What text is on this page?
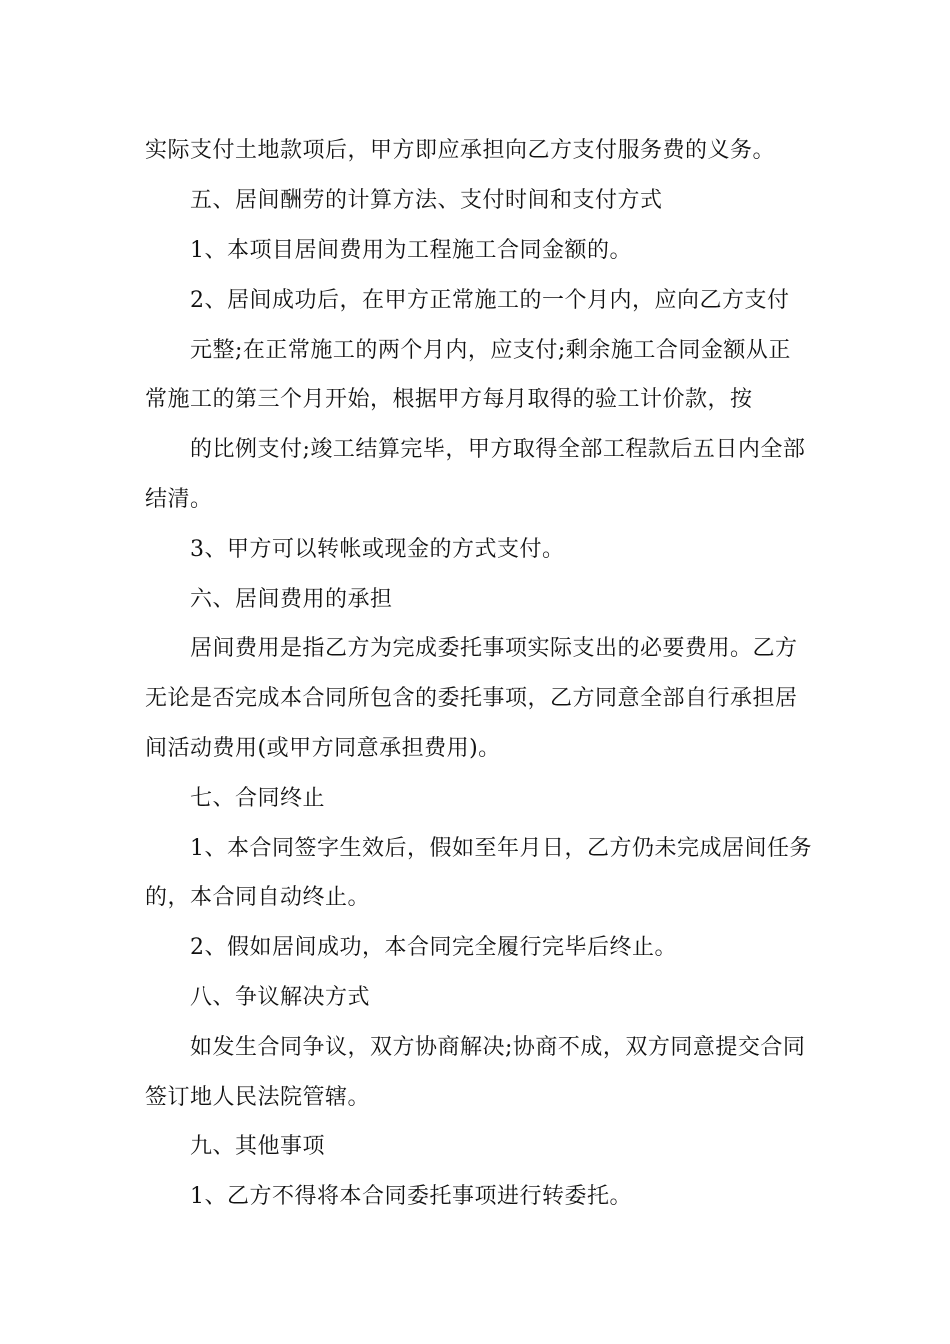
实际支付土地款项后，甲方即应承担向乙方支付服务费的义务。
五、居间酬劳的计算方法、支付时间和支付方式
1、本项目居间费用为工程施工合同金额的。
2、居间成功后，在甲方正常施工的一个月内，应向乙方支付
元整;在正常施工的两个月内，应支付;剩余施工合同金额从正
常施工的第三个月开始，根据甲方每月取得的验工计价款，按
的比例支付;竣工结算完毕，甲方取得全部工程款后五日内全部
结清。
3、甲方可以转帐或现金的方式支付。
六、居间费用的承担
居间费用是指乙方为完成委托事项实际支出的必要费用。乙方
无论是否完成本合同所包含的委托事项，乙方同意全部自行承担居
间活动费用(或甲方同意承担费用)。
七、合同终止
1、本合同签字生效后，假如至年月日，乙方仍未完成居间任务
的，本合同自动终止。
2、假如居间成功，本合同完全履行完毕后终止。
八、争议解决方式
如发生合同争议，双方协商解决;协商不成，双方同意提交合同
签订地人民法院管辖。
九、其他事项
1、乙方不得将本合同委托事项进行转委托。
